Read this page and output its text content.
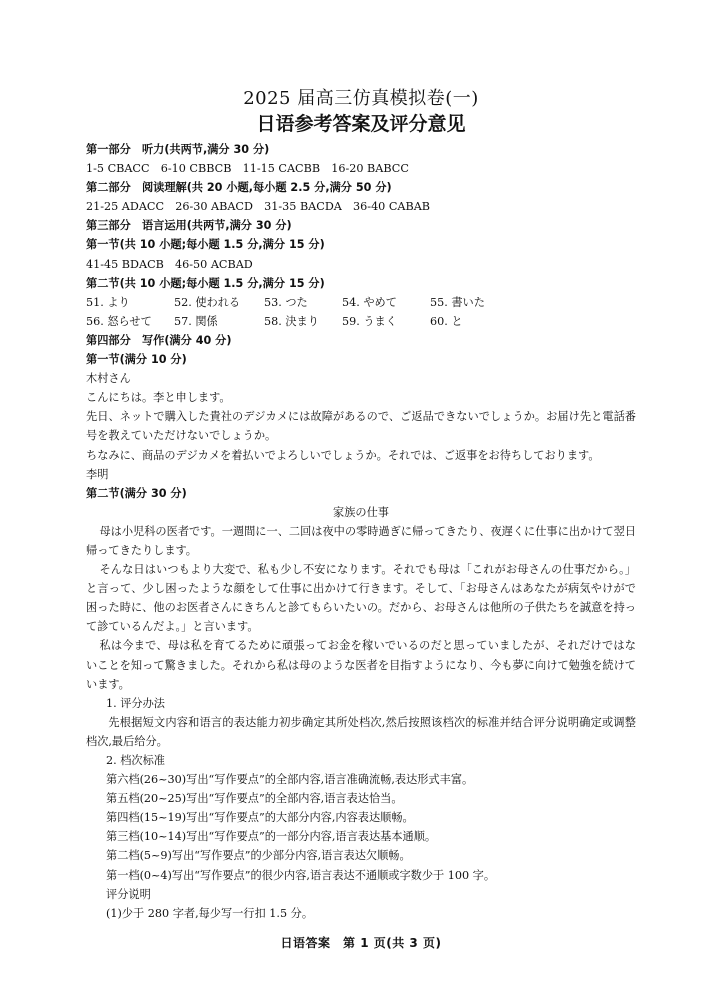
2025 届高三仿真模拟卷(一)

日语参考答案及评分意见

第一部分　听力(共两节,满分 30 分)

1-5 CBACC　6-10 CBBCB　11-15 CACBB　16-20 BABCC

第二部分　阅读理解(共 20 小题,每小题 2.5 分,满分 50 分)

21-25 ADACC　26-30 ABACD　31-35 BACDA　36-40 CABAB

第三部分　语言运用(共两节,满分 30 分)

第一节(共 10 小题;每小题 1.5 分,满分 15 分)

41-45 BDACB　46-50 ACBAD

第二节(共 10 小题;每小题 1.5 分,满分 15 分)

51. より	52. 使われる	53. つた	54. やめて	55. 書いた
56. 怒らせて	57. 関係	58. 決まり	59. うまく	60. と

第四部分　写作(满分 40 分)

第一节(满分 10 分)

木村さん

こんにちは。李と申します。

先日、ネットで購入した貴社のデジカメには故障があるので、ご返品できないでしょうか。お届け先と電話番号を教えていただけないでしょうか。

ちなみに、商品のデジカメを着払いでよろしいでしょうか。それでは、ご返事をお待ちしております。

李明

第二节(满分 30 分)

家族の仕事

母は小児科の医者です。一週間に一、二回は夜中の零時過ぎに帰ってきたり、夜遅くに仕事に出かけて翌日帰ってきたりします。

そんな日はいつもより大変で、私も少し不安になります。それでも母は「これがお母さんの仕事だから。」と言って、少し困ったような顔をして仕事に出かけて行きます。そして、「お母さんはあなたが病気やけがで困った時に、他のお医者さんにきちんと診てもらいたいの。だから、お母さんは他所の子供たちを誠意を持って診ているんだよ。」と言います。

私は今まで、母は私を育てるために頑張ってお金を稼いでいるのだと思っていましたが、それだけではないことを知って驚きました。それから私は母のような医者を目指すようになり、今も夢に向けて勉強を続けています。

1. 评分办法

先根据短文内容和语言的表达能力初步确定其所处档次,然后按照该档次的标准并结合评分说明确定或调整档次,最后给分。

2. 档次标准

第六档(26~30)写出“写作要点”的全部内容,语言准确流畅,表达形式丰富。

第五档(20~25)写出“写作要点”的全部内容,语言表达恰当。

第四档(15~19)写出“写作要点”的大部分内容,内容表达顺畅。

第三档(10~14)写出“写作要点”的一部分内容,语言表达基本通顺。

第二档(5~9)写出“写作要点”的少部分内容,语言表达欠顺畅。

第一档(0~4)写出“写作要点”的很少内容,语言表达不通顺或字数少于 100 字。

评分说明

(1)少于 280 字者,每少写一行扣 1.5 分。

日语答案　第 1 页(共 3 页)
